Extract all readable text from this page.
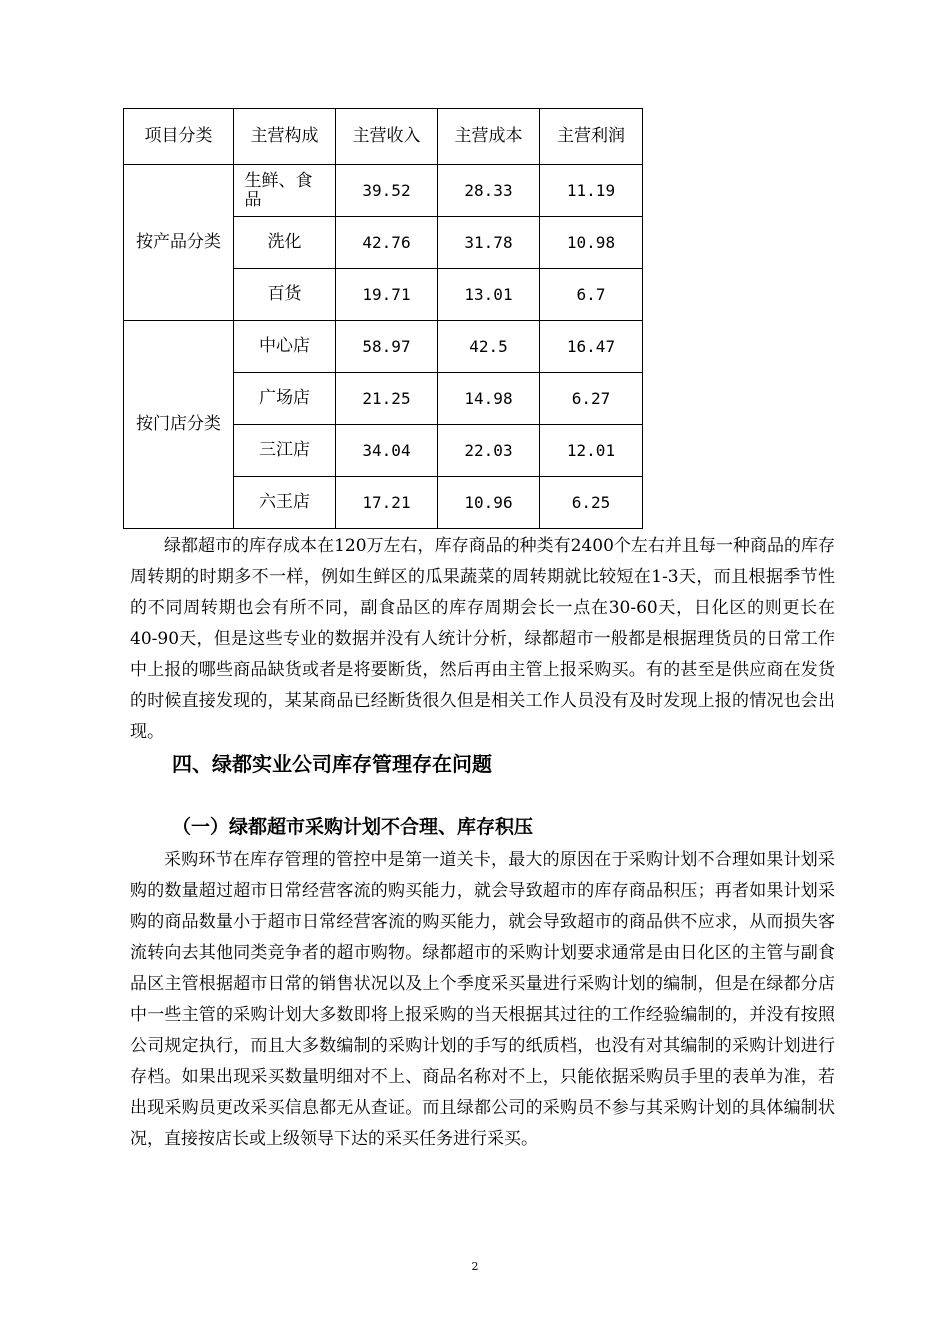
项目分类	主营构成	主营收入	主营成本	主营利润
按产品分类	生鲜、食品	39.52	28.33	11.19
	洗化	42.76	31.78	10.98
	百货	19.71	13.01	6.7
按门店分类	中心店	58.97	42.5	16.47
	广场店	21.25	14.98	6.27
	三江店	34.04	22.03	12.01
	六王店	17.21	10.96	6.25

绿都超市的库存成本在120万左右，库存商品的种类有2400个左右并且每一种商品的库存周转期的时期多不一样，例如生鲜区的瓜果蔬菜的周转期就比较短在1-3天，而且根据季节性的不同周转期也会有所不同，副食品区的库存周期会长一点在30-60天，日化区的则更长在40-90天，但是这些专业的数据并没有人统计分析，绿都超市一般都是根据理货员的日常工作中上报的哪些商品缺货或者是将要断货，然后再由主管上报采购买。有的甚至是供应商在发货的时候直接发现的，某某商品已经断货很久但是相关工作人员没有及时发现上报的情况也会出现。

四、绿都实业公司库存管理存在问题
（一）绿都超市采购计划不合理、库存积压

采购环节在库存管理的管控中是第一道关卡，最大的原因在于采购计划不合理如果计划采购的数量超过超市日常经营客流的购买能力，就会导致超市的库存商品积压；再者如果计划采购的商品数量小于超市日常经营客流的购买能力，就会导致超市的商品供不应求，从而损失客流转向去其他同类竞争者的超市购物。绿都超市的采购计划要求通常是由日化区的主管与副食品区主管根据超市日常的销售状况以及上个季度采买量进行采购计划的编制，但是在绿都分店中一些主管的采购计划大多数即将上报采购的当天根据其过往的工作经验编制的，并没有按照公司规定执行，而且大多数编制的采购计划的手写的纸质档，也没有对其编制的采购计划进行存档。如果出现采买数量明细对不上、商品名称对不上，只能依据采购员手里的表单为准，若出现采购员更改采买信息都无从查证。而且绿都公司的采购员不参与其采购计划的具体编制状况，直接按店长或上级领导下达的采买任务进行采买。

2
